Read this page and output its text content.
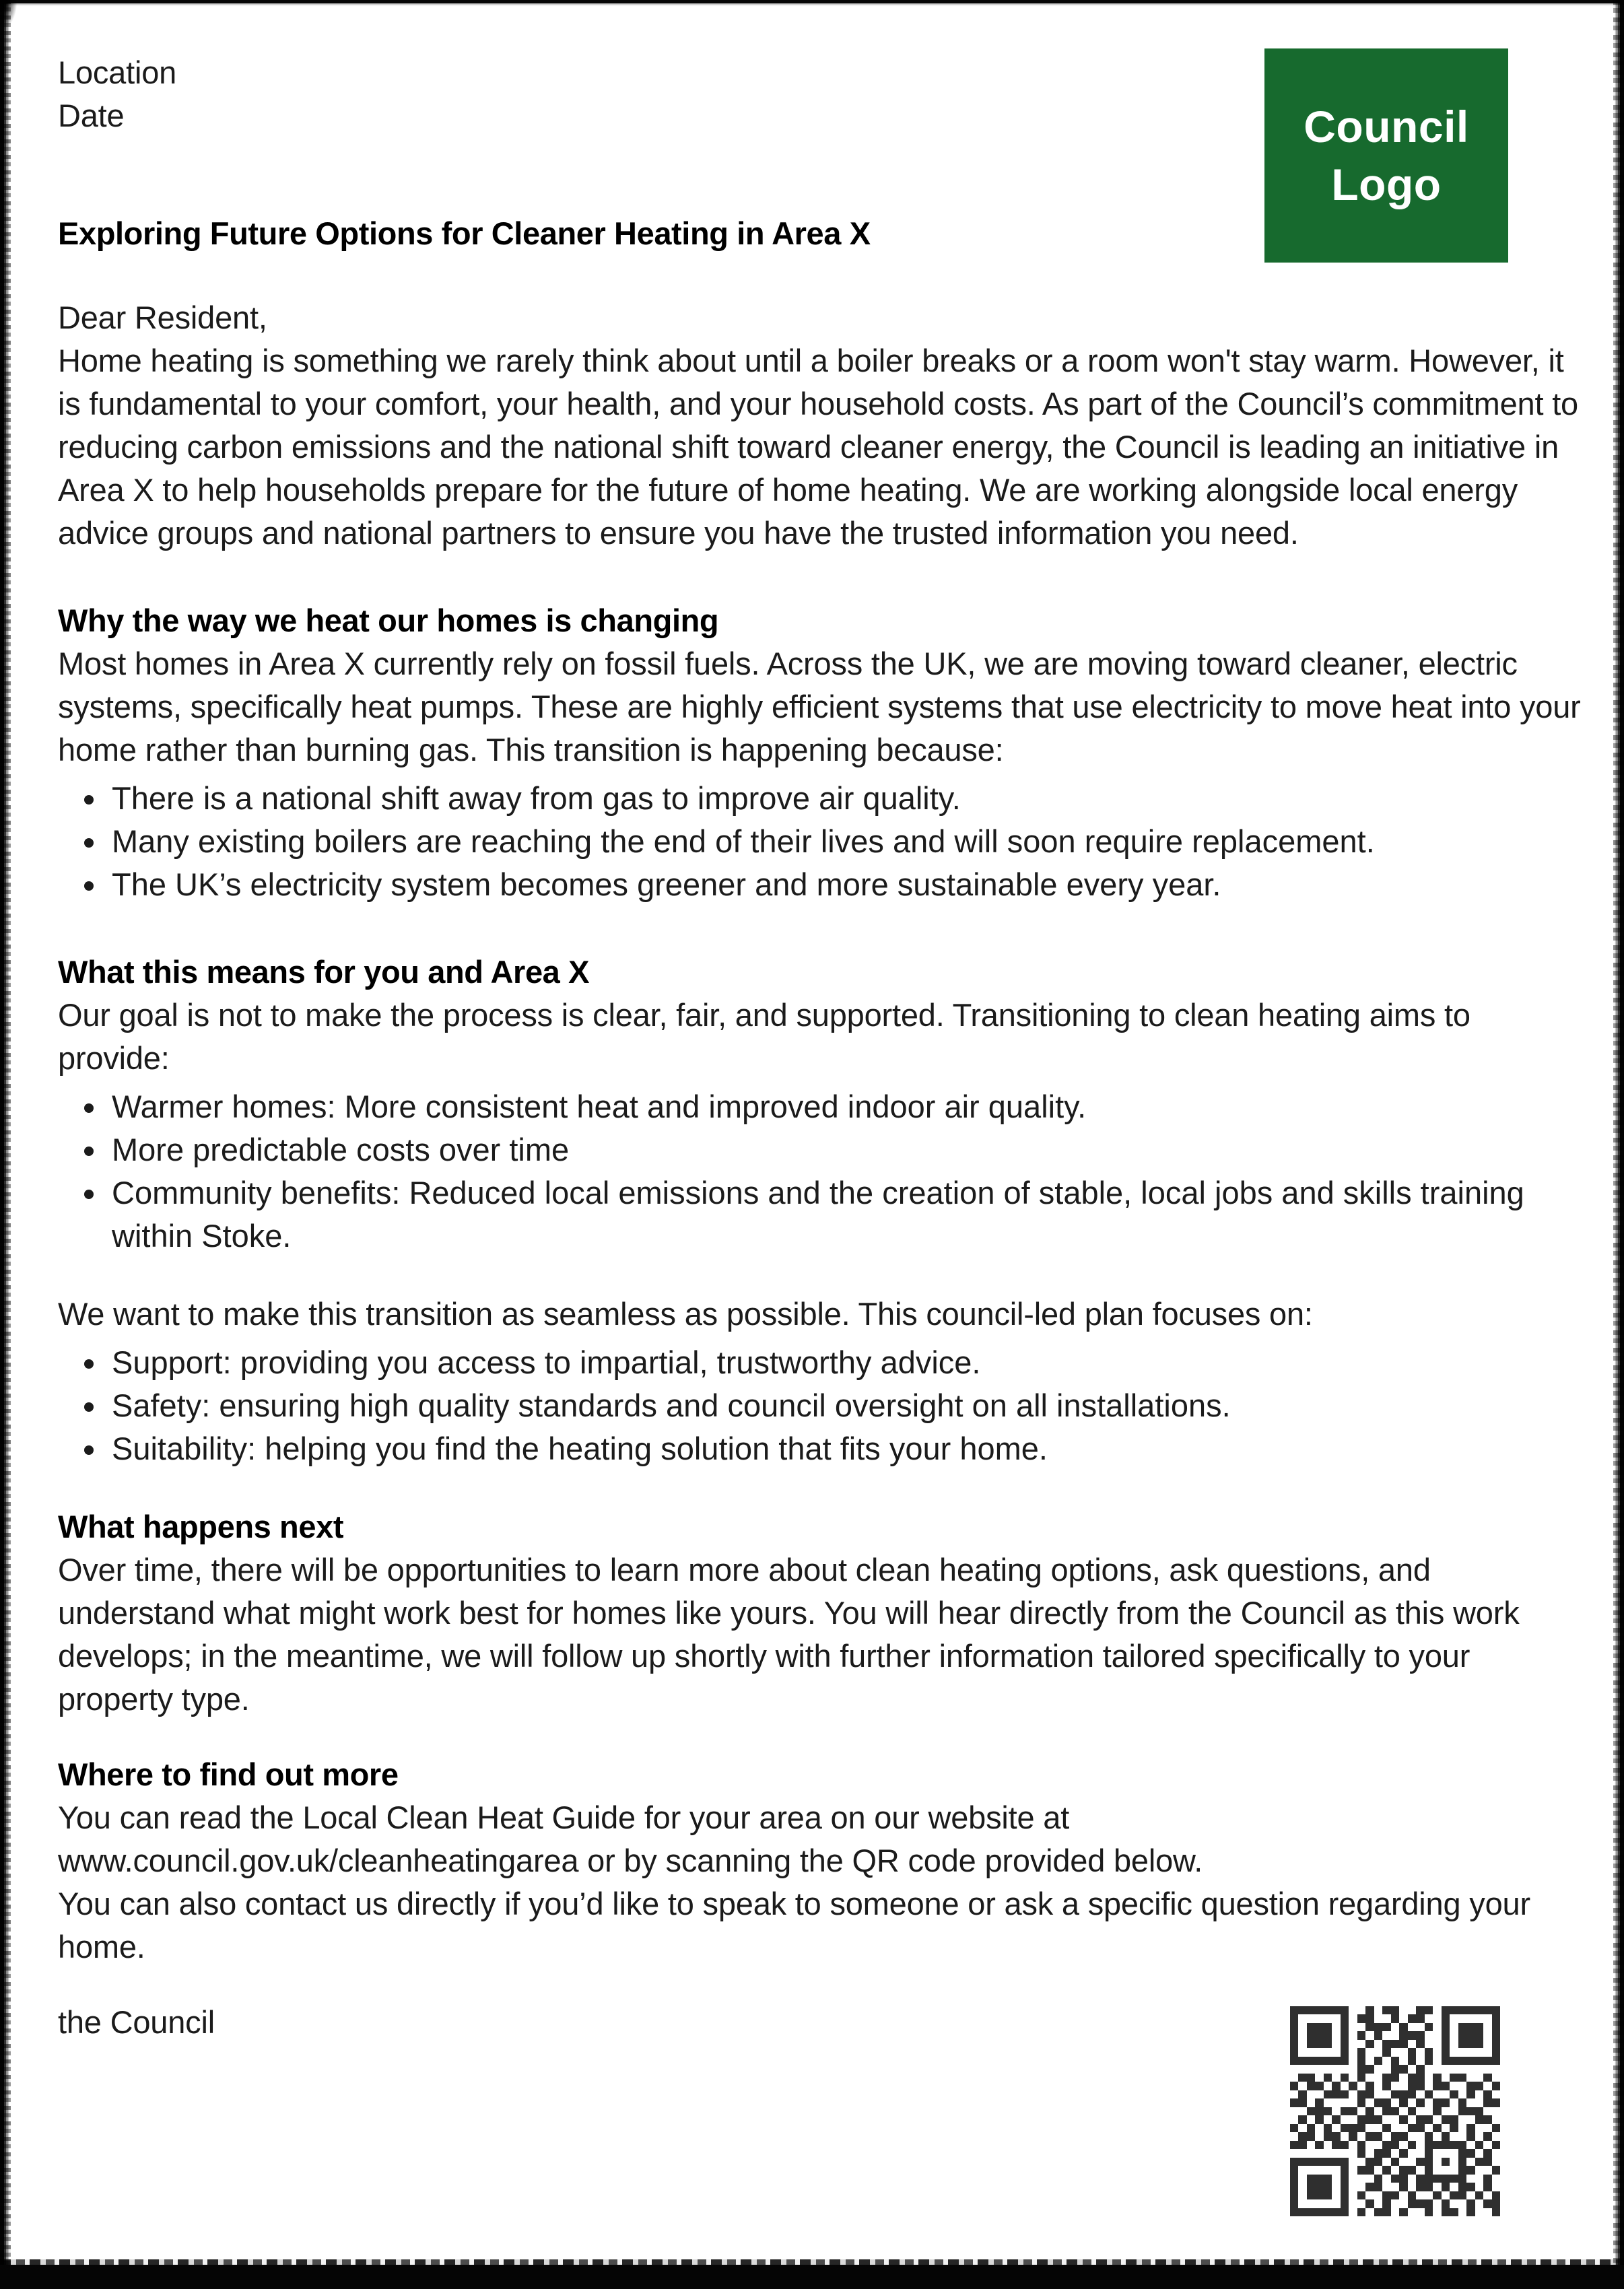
Location

Date

Exploring Future Options for Cleaner Heating in Area X

Dear Resident,

Home heating is something we rarely think about until a boiler breaks or a room won't stay warm. However, it is fundamental to your comfort, your health, and your household costs. As part of the Council’s commitment to reducing carbon emissions and the national shift toward cleaner energy, the Council is leading an initiative in Area X to help households prepare for the future of home heating. We are working alongside local energy advice groups and national partners to ensure you have the trusted information you need.

Why the way we heat our homes is changing

Most homes in Area X currently rely on fossil fuels. Across the UK, we are moving toward cleaner, electric systems, specifically heat pumps. These are highly efficient systems that use electricity to move heat into your home rather than burning gas. This transition is happening because:

• There is a national shift away from gas to improve air quality.
• Many existing boilers are reaching the end of their lives and will soon require replacement.
• The UK’s electricity system becomes greener and more sustainable every year.
What this means for you and Area X

Our goal is not to make the process is clear, fair, and supported. Transitioning to clean heating aims to provide:

• Warmer homes: More consistent heat and improved indoor air quality.
• More predictable costs over time
• Community benefits: Reduced local emissions and the creation of stable, local jobs and skills training within Stoke.

We want to make this transition as seamless as possible. This council-led plan focuses on:

• Support: providing you access to impartial, trustworthy advice.
• Safety: ensuring high quality standards and council oversight on all installations.
• Suitability: helping you find the heating solution that fits your home.
What happens next

Over time, there will be opportunities to learn more about clean heating options, ask questions, and understand what might work best for homes like yours. You will hear directly from the Council as this work develops; in the meantime, we will follow up shortly with further information tailored specifically to your property type.

Where to find out more

You can read the Local Clean Heat Guide for your area on our website at www.council.gov.uk/cleanheatingarea or by scanning the QR code provided below.

You can also contact us directly if you’d like to speak to someone or ask a specific question regarding your home.

the Council

Council
Logo
